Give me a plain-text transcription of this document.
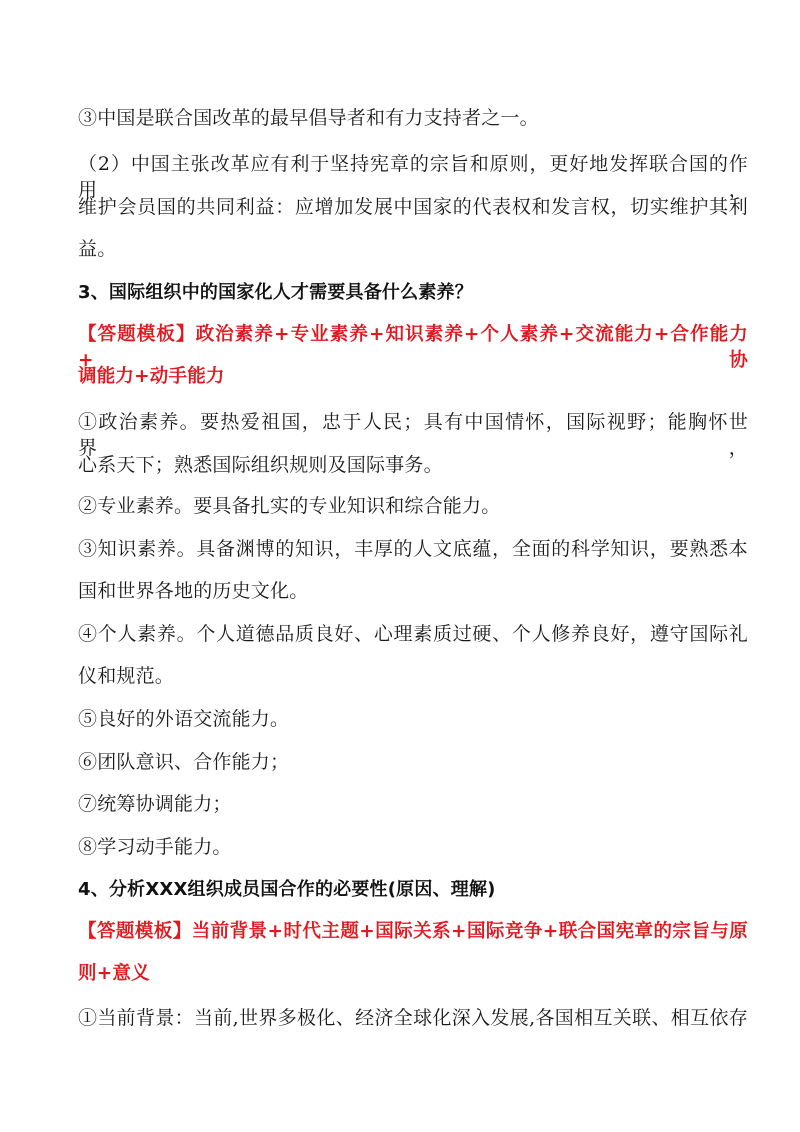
③中国是联合国改革的最早倡导者和有力支持者之一。
（2）中国主张改革应有利于坚持宪章的宗旨和原则，更好地发挥联合国的作用，
维护会员国的共同利益：应增加发展中国家的代表权和发言权，切实维护其利
益。
3、国际组织中的国家化人才需要具备什么素养？
【答题模板】政治素养+专业素养+知识素养+个人素养+交流能力+合作能力+协
调能力+动手能力
①政治素养。要热爱祖国，忠于人民；具有中国情怀，国际视野；能胸怀世界，
心系天下；熟悉国际组织规则及国际事务。
②专业素养。要具备扎实的专业知识和综合能力。
③知识素养。具备渊博的知识，丰厚的人文底蕴，全面的科学知识，要熟悉本
国和世界各地的历史文化。
④个人素养。个人道德品质良好、心理素质过硬、个人修养良好，遵守国际礼
仪和规范。
⑤良好的外语交流能力。
⑥团队意识、合作能力；
⑦统筹协调能力；
⑧学习动手能力。
4、分析XXX组织成员国合作的必要性(原因、理解)
【答题模板】当前背景+时代主题+国际关系+国际竞争+联合国宪章的宗旨与原
则+意义
①当前背景：当前,世界多极化、经济全球化深入发展,各国相互关联、相互依存
